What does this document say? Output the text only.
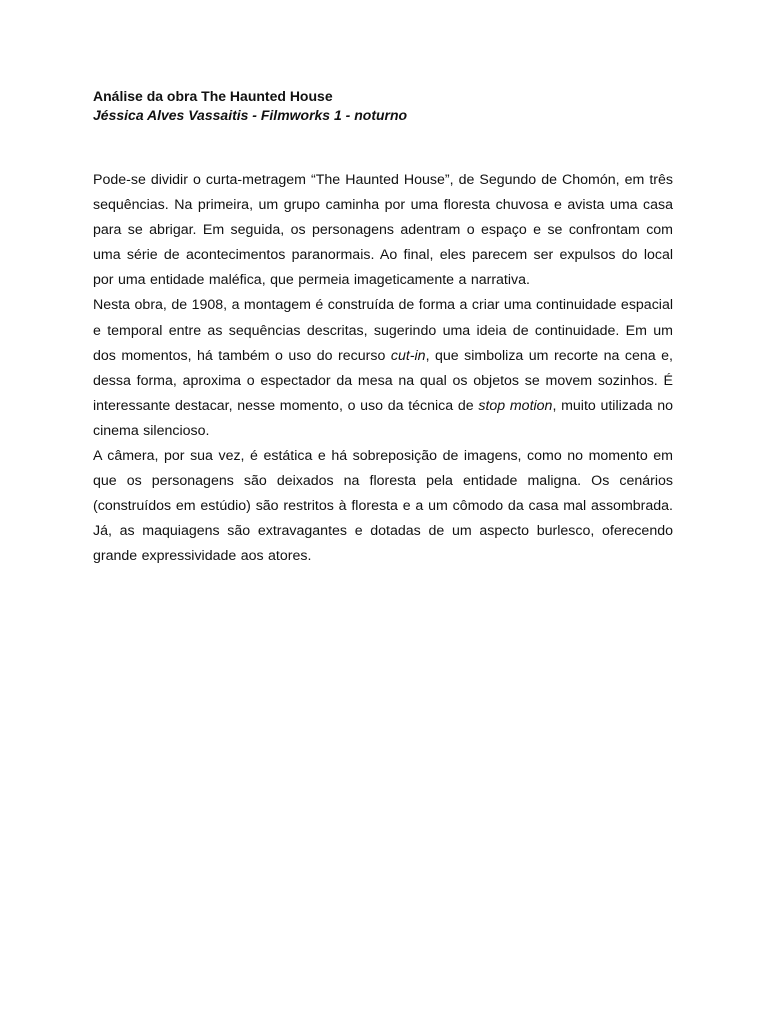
Análise da obra The Haunted House
Jéssica Alves Vassaitis - Filmworks 1 - noturno

Pode-se dividir o curta-metragem “The Haunted House”, de Segundo de Chomón, em três sequências. Na primeira, um grupo caminha por uma floresta chuvosa e avista uma casa para se abrigar. Em seguida, os personagens adentram o espaço e se confrontam com uma série de acontecimentos paranormais. Ao final, eles parecem ser expulsos do local por uma entidade maléfica, que permeia imageticamente a narrativa.

Nesta obra, de 1908, a montagem é construída de forma a criar uma continuidade espacial e temporal entre as sequências descritas, sugerindo uma ideia de continuidade. Em um dos momentos, há também o uso do recurso cut-in, que simboliza um recorte na cena e, dessa forma, aproxima o espectador da mesa na qual os objetos se movem sozinhos. É interessante destacar, nesse momento, o uso da técnica de stop motion, muito utilizada no cinema silencioso.

A câmera, por sua vez, é estática e há sobreposição de imagens, como no momento em que os personagens são deixados na floresta pela entidade maligna. Os cenários (construídos em estúdio) são restritos à floresta e a um cômodo da casa mal assombrada. Já, as maquiagens são extravagantes e dotadas de um aspecto burlesco, oferecendo grande expressividade aos atores.
